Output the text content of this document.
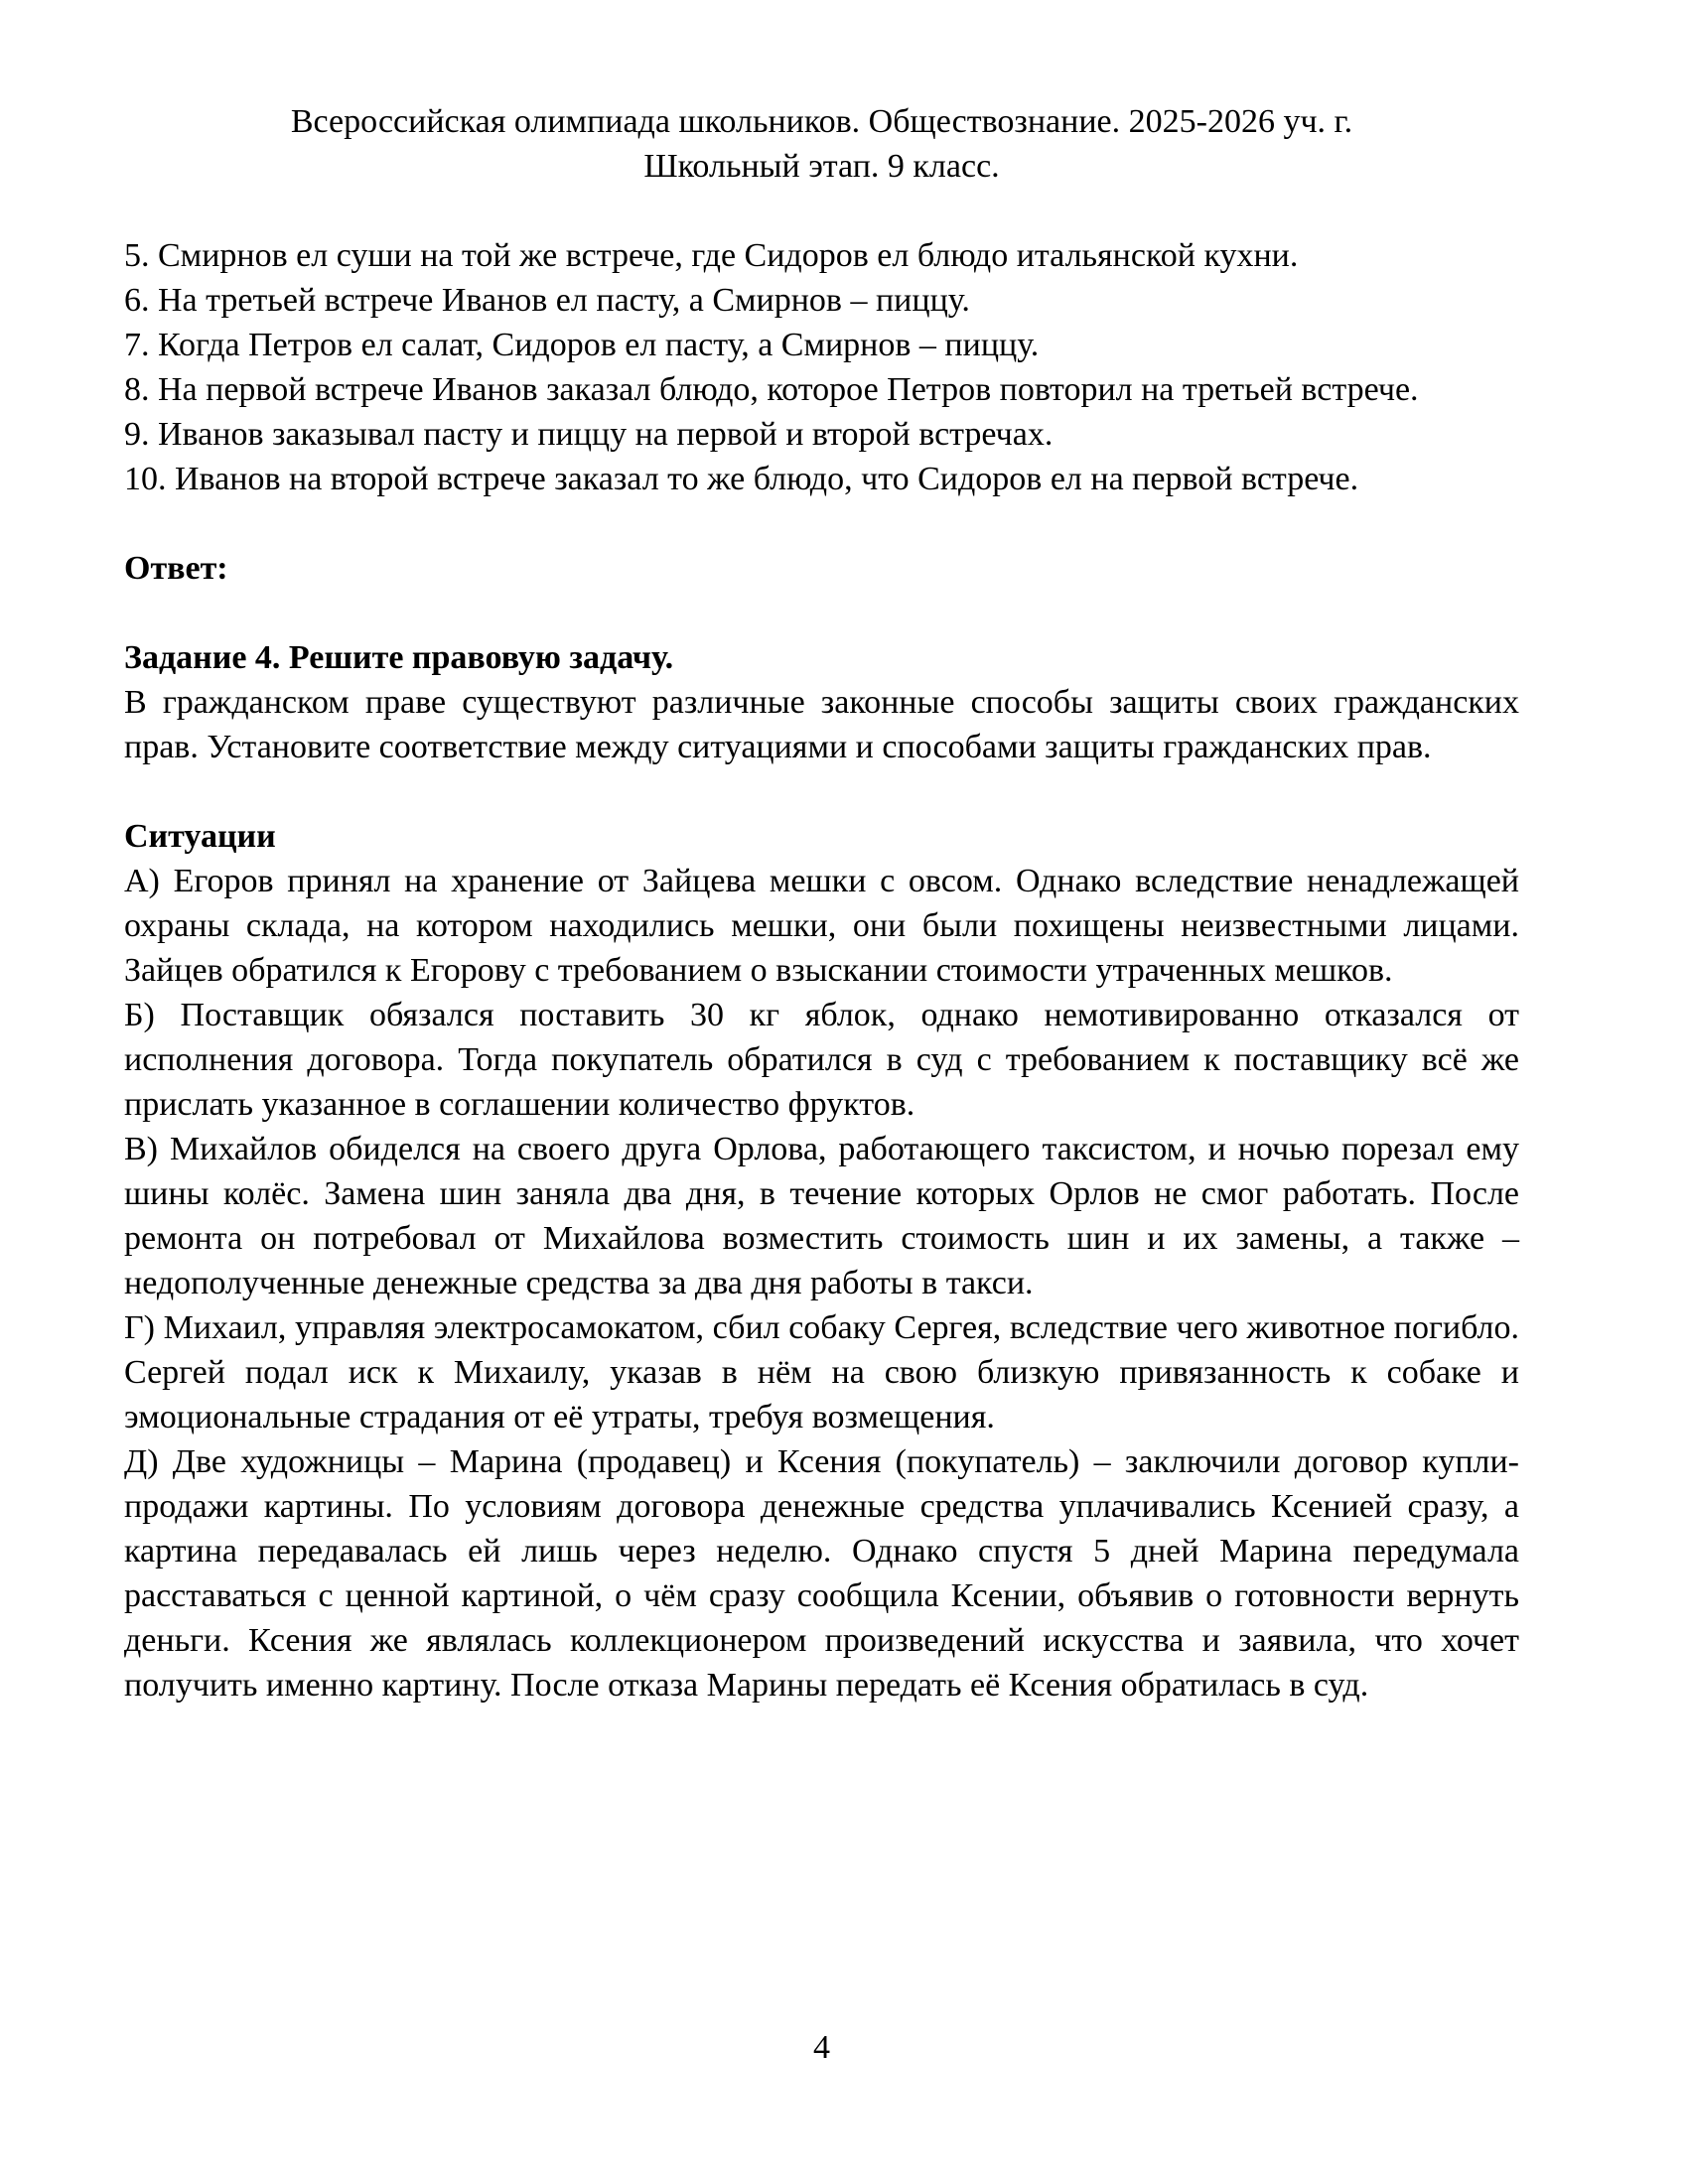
Всероссийская олимпиада школьников. Обществознание. 2025-2026 уч. г.

Школьный этап. 9 класс.

5. Смирнов ел суши на той же встрече, где Сидоров ел блюдо итальянской кухни.

6. На третьей встрече Иванов ел пасту, а Смирнов – пиццу.

7. Когда Петров ел салат, Сидоров ел пасту, а Смирнов – пиццу.

8. На первой встрече Иванов заказал блюдо, которое Петров повторил на третьей встрече.

9. Иванов заказывал пасту и пиццу на первой и второй встречах.

10. Иванов на второй встрече заказал то же блюдо, что Сидоров ел на первой встрече.

Ответ:

Задание 4. Решите правовую задачу.

В гражданском праве существуют различные законные способы защиты своих гражданских прав. Установите соответствие между ситуациями и способами защиты гражданских прав.

Ситуации

А) Егоров принял на хранение от Зайцева мешки с овсом. Однако вследствие ненадлежащей охраны склада, на котором находились мешки, они были похищены неизвестными лицами. Зайцев обратился к Егорову с требованием о взыскании стоимости утраченных мешков.

Б) Поставщик обязался поставить 30 кг яблок, однако немотивированно отказался от исполнения договора. Тогда покупатель обратился в суд с требованием к поставщику всё же прислать указанное в соглашении количество фруктов.

В) Михайлов обиделся на своего друга Орлова, работающего таксистом, и ночью порезал ему шины колёс. Замена шин заняла два дня, в течение которых Орлов не смог работать. После ремонта он потребовал от Михайлова возместить стоимость шин и их замены, а также – недополученные денежные средства за два дня работы в такси.

Г) Михаил, управляя электросамокатом, сбил собаку Сергея, вследствие чего животное погибло. Сергей подал иск к Михаилу, указав в нём на свою близкую привязанность к собаке и эмоциональные страдания от её утраты, требуя возмещения.

Д) Две художницы – Марина (продавец) и Ксения (покупатель) – заключили договор купли-продажи картины. По условиям договора денежные средства уплачивались Ксенией сразу, а картина передавалась ей лишь через неделю. Однако спустя 5 дней Марина передумала расставаться с ценной картиной, о чём сразу сообщила Ксении, объявив о готовности вернуть деньги. Ксения же являлась коллекционером произведений искусства и заявила, что хочет получить именно картину. После отказа Марины передать её Ксения обратилась в суд.

4
